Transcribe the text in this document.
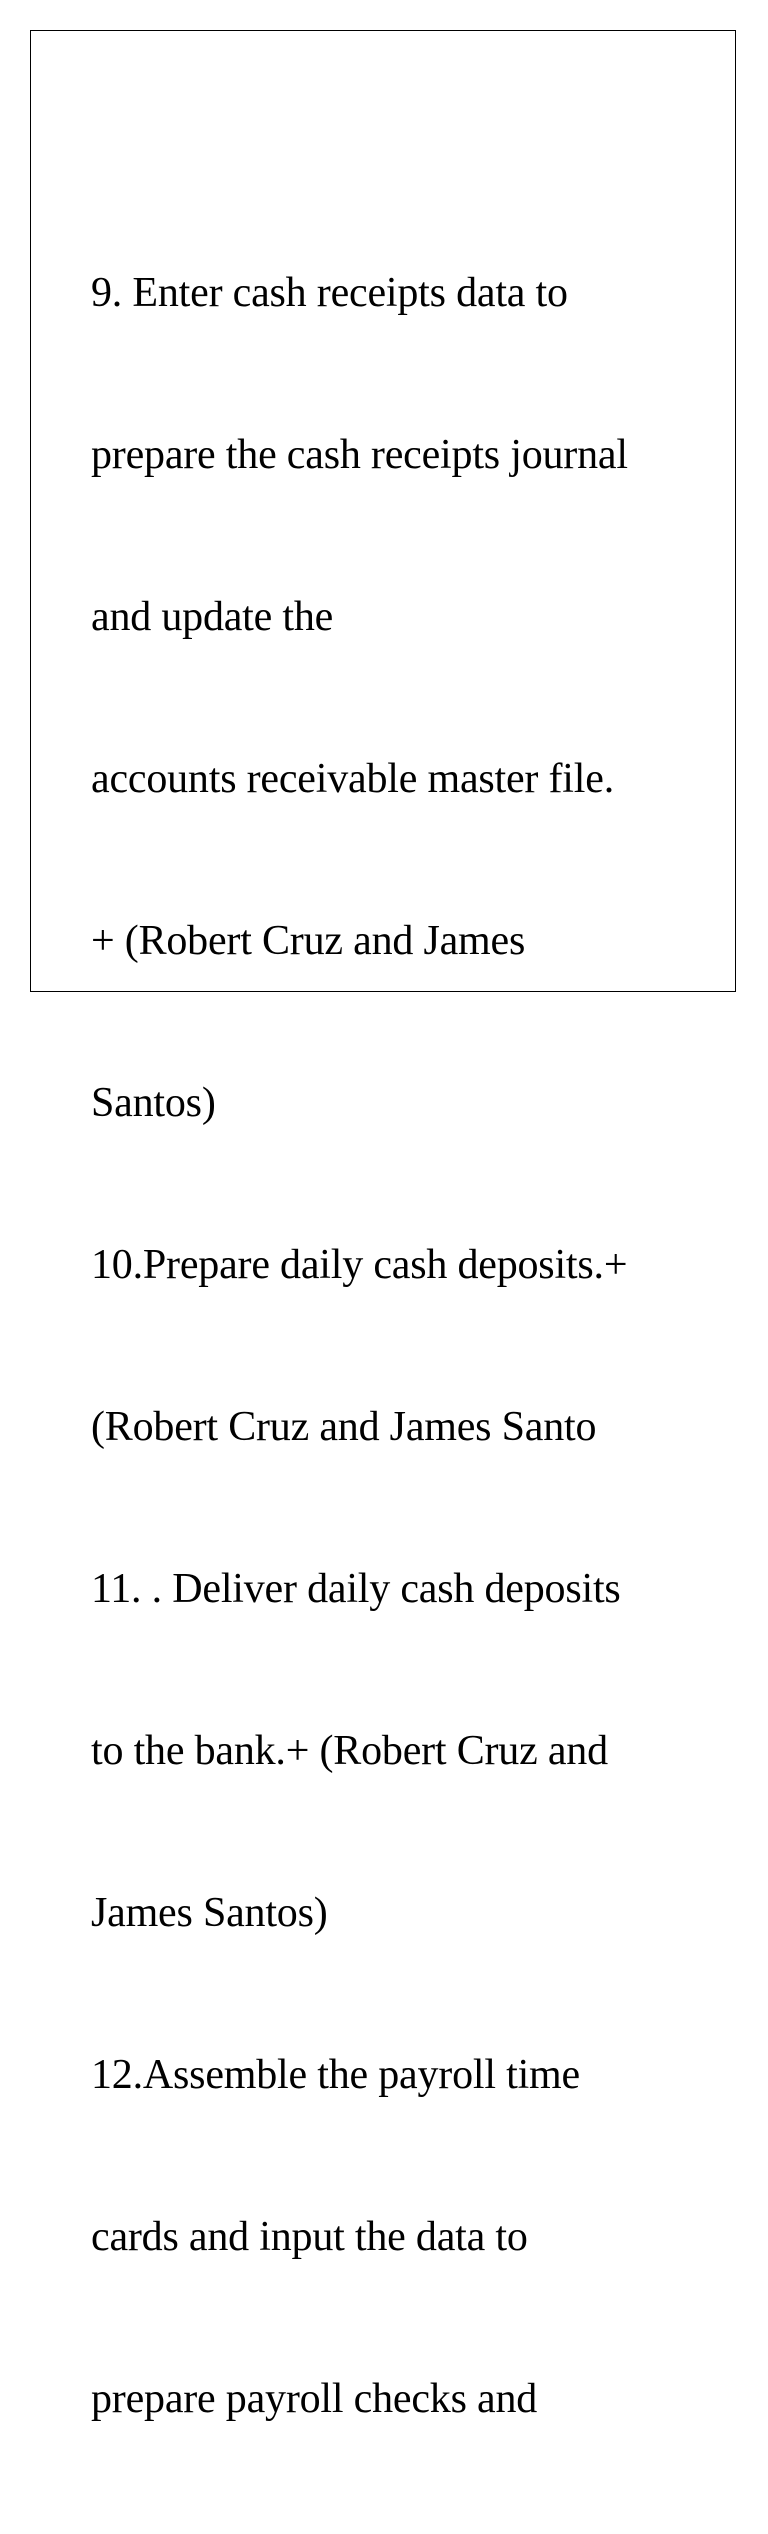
9. Enter cash receipts data to

prepare the cash receipts journal

and update the

accounts receivable master file.

+ (Robert Cruz and James

Santos)

10.Prepare daily cash deposits.+

(Robert Cruz and James Santo

11. . Deliver daily cash deposits

to the bank.+ (Robert Cruz and

James Santos)

12.Assemble the payroll time

cards and input the data to

prepare payroll checks and
